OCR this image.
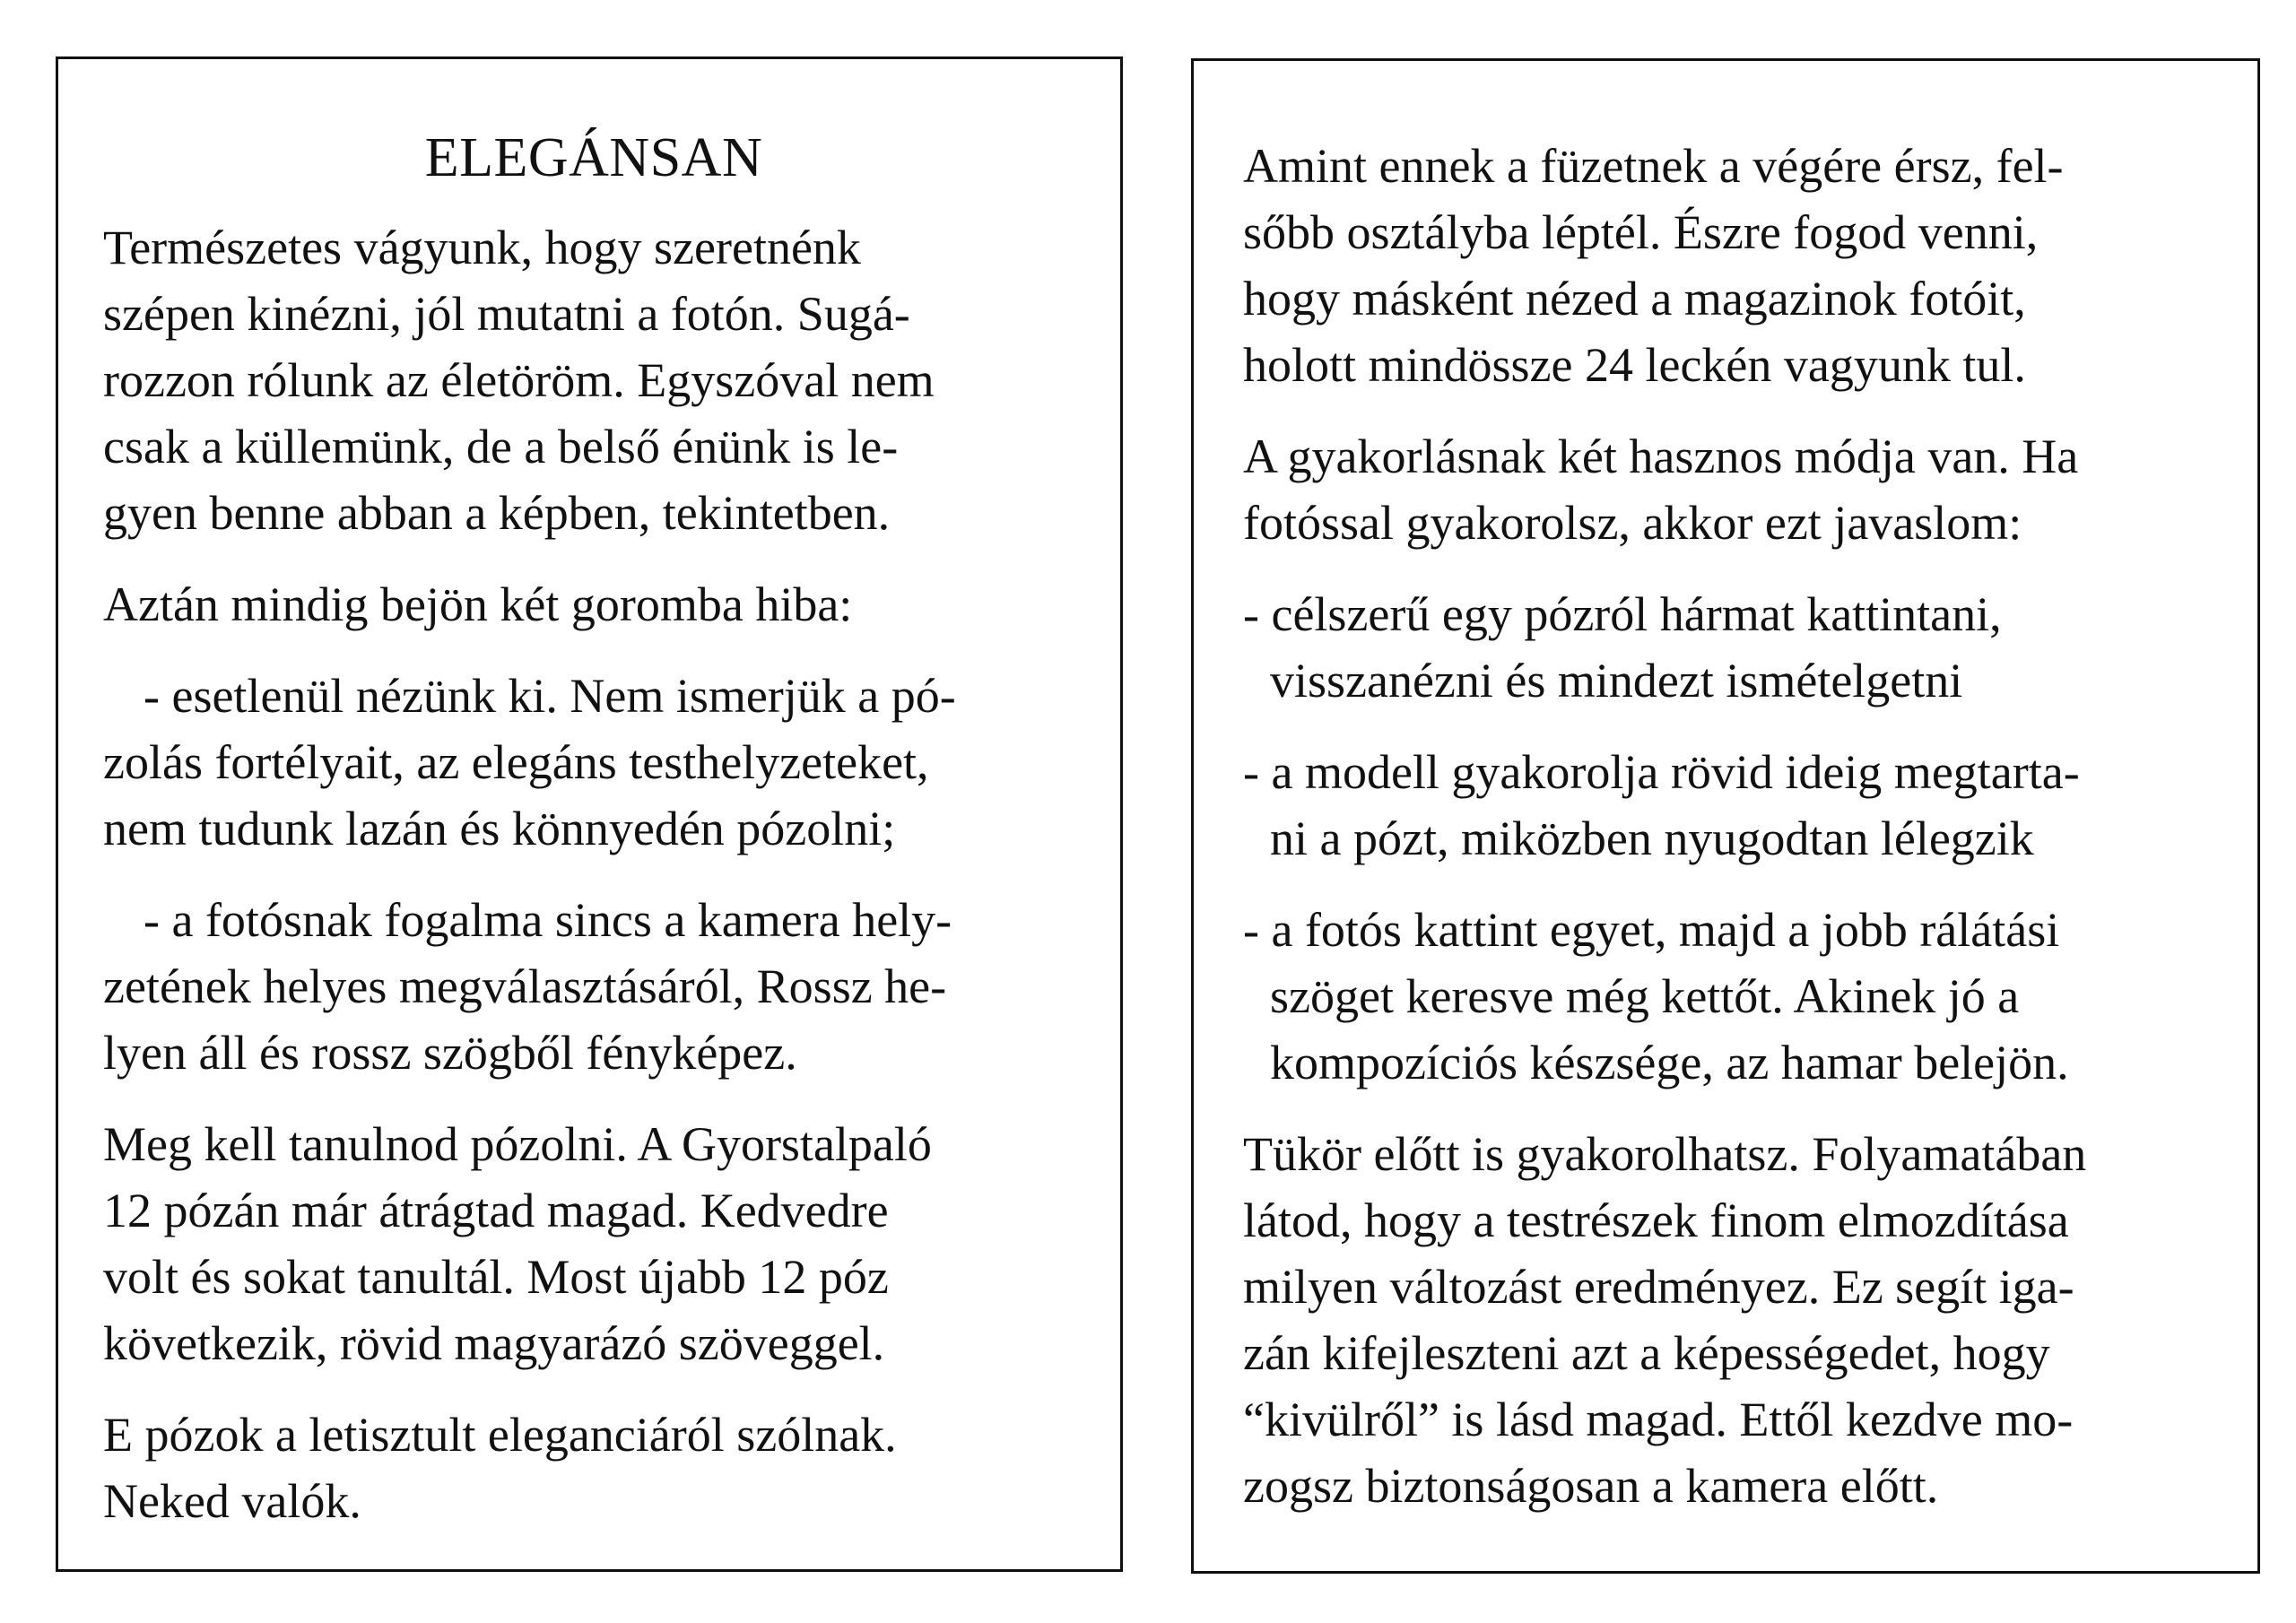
ELEGÁNSAN
Természetes vágyunk, hogy szeretnénk
szépen kinézni, jól mutatni a fotón. Sugá-
rozzon rólunk az életöröm. Egyszóval nem
csak a küllemünk, de a belső énünk is le-
gyen benne abban a képben, tekintetben.
Aztán mindig bejön két goromba hiba:
- esetlenül nézünk ki. Nem ismerjük a pó-
zolás fortélyait, az elegáns testhelyzeteket,
nem tudunk lazán és könnyedén pózolni;
- a fotósnak fogalma sincs a kamera hely-
zetének helyes megválasztásáról, Rossz he-
lyen áll és rossz szögből fényképez.
Meg kell tanulnod pózolni. A Gyorstalpaló
12 pózán már átrágtad magad. Kedvedre
volt és sokat tanultál. Most újabb 12 póz
következik, rövid magyarázó szöveggel.
E pózok a letisztult eleganciáról szólnak.
Neked valók.
Amint ennek a füzetnek a végére érsz, fel-
sőbb osztályba léptél. Észre fogod venni,
hogy másként nézed a magazinok fotóit,
holott mindössze 24 leckén vagyunk tul.
A gyakorlásnak két hasznos módja van. Ha
fotóssal gyakorolsz, akkor ezt javaslom:
- célszerű egy pózról hármat kattintani,
visszanézni és mindezt ismételgetni
- a modell gyakorolja rövid ideig megtarta-
ni a pózt, miközben nyugodtan lélegzik
- a fotós kattint egyet, majd a jobb rálátási
szöget keresve még kettőt. Akinek jó a
kompozíciós készsége, az hamar belejön.
Tükör előtt is gyakorolhatsz. Folyamatában
látod, hogy a testrészek finom elmozdítása
milyen változást eredményez. Ez segít iga-
zán kifejleszteni azt a képességedet, hogy
“kivülről” is lásd magad. Ettől kezdve mo-
zogsz biztonságosan a kamera előtt.
